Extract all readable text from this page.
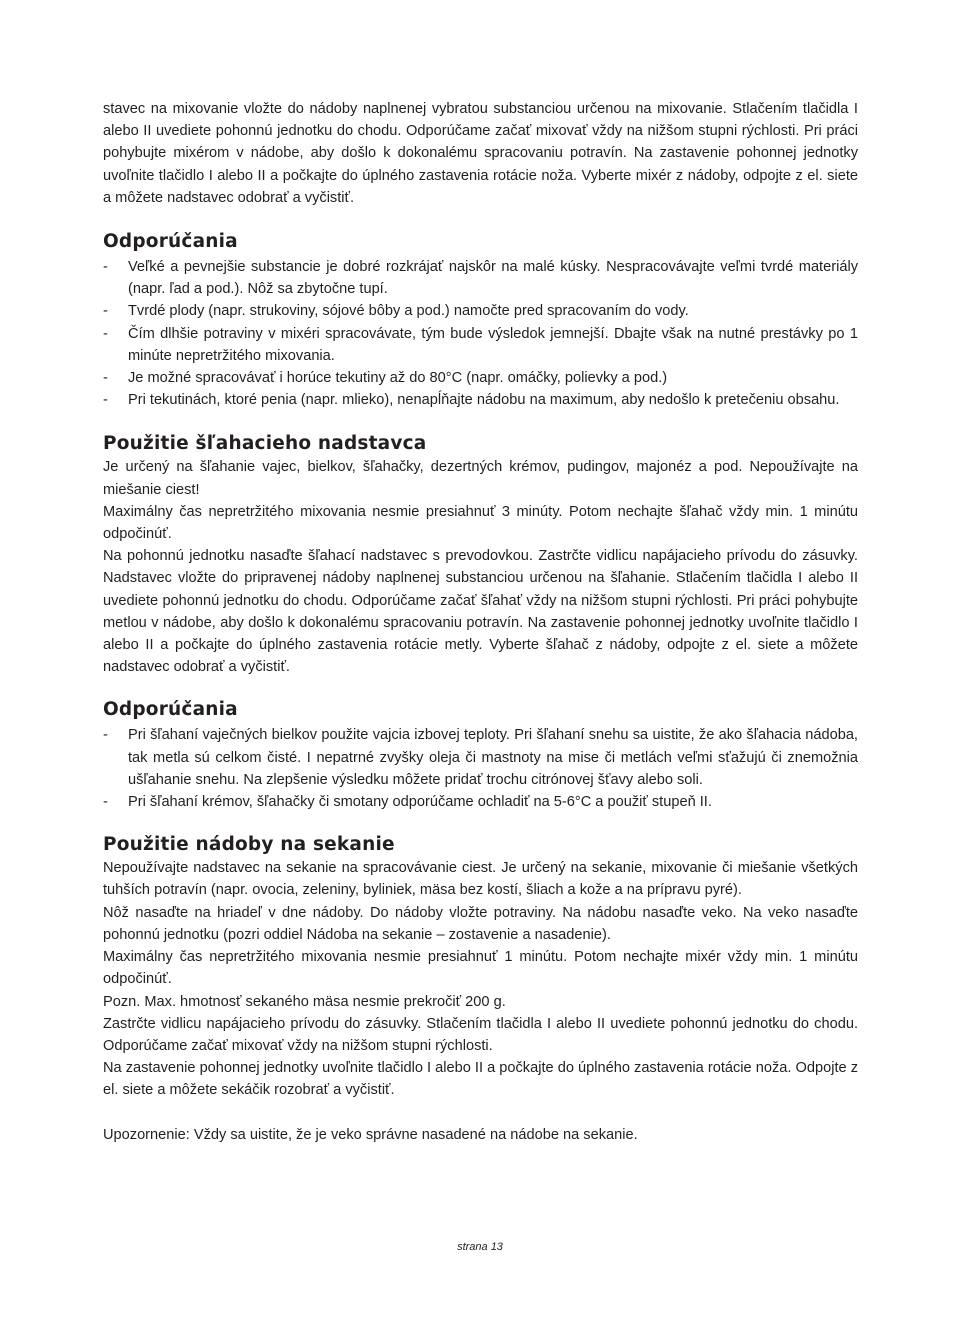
stavec na mixovanie vložte do nádoby naplnenej vybratou substanciou určenou na mixovanie. Stlačením tlačidla I alebo II uvediete pohonnú jednotku do chodu. Odporúčame začať mixovať vždy na nižšom stupni rýchlosti. Pri práci pohybujte mixérom v nádobe, aby došlo k dokonalému spracovaniu potravín. Na zastavenie pohonnej jednotky uvoľnite tlačidlo I alebo II a počkajte do úplného zastavenia rotácie noža. Vyberte mixér z nádoby, odpojte z el. siete a môžete nadstavec odobrať a vyčistiť.

Odporúčania
- Veľké a pevnejšie substancie je dobré rozkrájať najskôr na malé kúsky. Nespracovávajte veľmi tvrdé materiály (napr. ľad a pod.). Nôž sa zbytočne tupí.
- Tvrdé plody (napr. strukoviny, sójové bôby a pod.) namočte pred spracovaním do vody.
- Čím dlhšie potraviny v mixéri spracovávate, tým bude výsledok jemnejší. Dbajte však na nutné prestávky po 1 minúte nepretržitého mixovania.
- Je možné spracovávať i horúce tekutiny až do 80°C (napr. omáčky, polievky a pod.)
- Pri tekutinách, ktoré penia (napr. mlieko), nenapĺňajte nádobu na maximum, aby nedošlo k pretečeniu obsahu.
Použitie šľahacieho nadstavca

Je určený na šľahanie vajec, bielkov, šľahačky, dezertných krémov, pudingov, majonéz a pod. Nepoužívajte na miešanie ciest!

Maximálny čas nepretržitého mixovania nesmie presiahnuť 3 minúty. Potom nechajte šľahač vždy min. 1 minútu odpočinúť.

Na pohonnú jednotku nasaďte šľahací nadstavec s prevodovkou. Zastrčte vidlicu napájacieho prívodu do zásuvky. Nadstavec vložte do pripravenej nádoby naplnenej substanciou určenou na šľahanie. Stlačením tlačidla I alebo II uvediete pohonnú jednotku do chodu. Odporúčame začať šľahať vždy na nižšom stupni rýchlosti. Pri práci pohybujte metlou v nádobe, aby došlo k dokonalému spracovaniu potravín. Na zastavenie pohonnej jednotky uvoľnite tlačidlo I alebo II a počkajte do úplného zastavenia rotácie metly. Vyberte šľahač z nádoby, odpojte z el. siete a môžete nadstavec odobrať a vyčistiť.

Odporúčania
- Pri šľahaní vaječných bielkov použite vajcia izbovej teploty. Pri šľahaní snehu sa uistite, že ako šľahacia nádoba, tak metla sú celkom čisté. I nepatrné zvyšky oleja či mastnoty na mise či metlách veľmi sťažujú či znemožnia ušľahanie snehu. Na zlepšenie výsledku môžete pridať trochu citrónovej šťavy alebo soli.
- Pri šľahaní krémov, šľahačky či smotany odporúčame ochladiť na 5-6°C a použiť stupeň II.
Použitie nádoby na sekanie

Nepoužívajte nadstavec na sekanie na spracovávanie ciest. Je určený na sekanie, mixovanie či miešanie všetkých tuhších potravín (napr. ovocia, zeleniny, byliniek, mäsa bez kostí, šliach a kože a na prípravu pyré).

Nôž nasaďte na hriadeľ v dne nádoby. Do nádoby vložte potraviny. Na nádobu nasaďte veko. Na veko nasaďte pohonnú jednotku (pozri oddiel Nádoba na sekanie – zostavenie a nasadenie).

Maximálny čas nepretržitého mixovania nesmie presiahnuť 1 minútu. Potom nechajte mixér vždy min. 1 minútu odpočinúť.

Pozn. Max. hmotnosť sekaného mäsa nesmie prekročiť 200 g.

Zastrčte vidlicu napájacieho prívodu do zásuvky. Stlačením tlačidla I alebo II uvediete pohonnú jednotku do chodu. Odporúčame začať mixovať vždy na nižšom stupni rýchlosti.

Na zastavenie pohonnej jednotky uvoľnite tlačidlo I alebo II a počkajte do úplného zastavenia rotácie noža. Odpojte z el. siete a môžete sekáčik rozobrať a vyčistiť.

Upozornenie: Vždy sa uistite, že je veko správne nasadené na nádobe na sekanie.

strana 13
